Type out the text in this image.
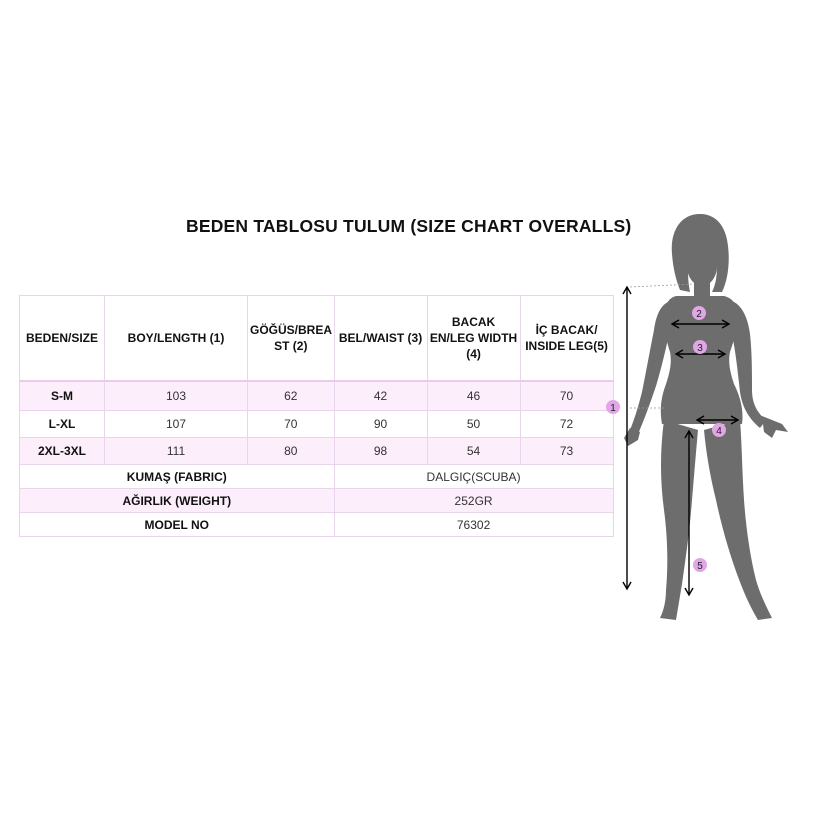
BEDEN TABLOSU TULUM (SIZE CHART OVERALLS)
BEDEN/SIZE	BOY/LENGTH (1)	GÖĞÜS/BREA ST (2)	BEL/WAIST (3)	BACAK EN/LEG WIDTH (4)	İÇ BACAK/ INSIDE LEG(5)
S-M	103	62	42	46	70
L-XL	107	70	90	50	72
2XL-3XL	111	80	98	54	73
KUMAŞ (FABRIC)			DALGIÇ(SCUBA)		
AĞIRLIK (WEIGHT)			252GR		
MODEL NO			76302		
1
2
3
4
5
